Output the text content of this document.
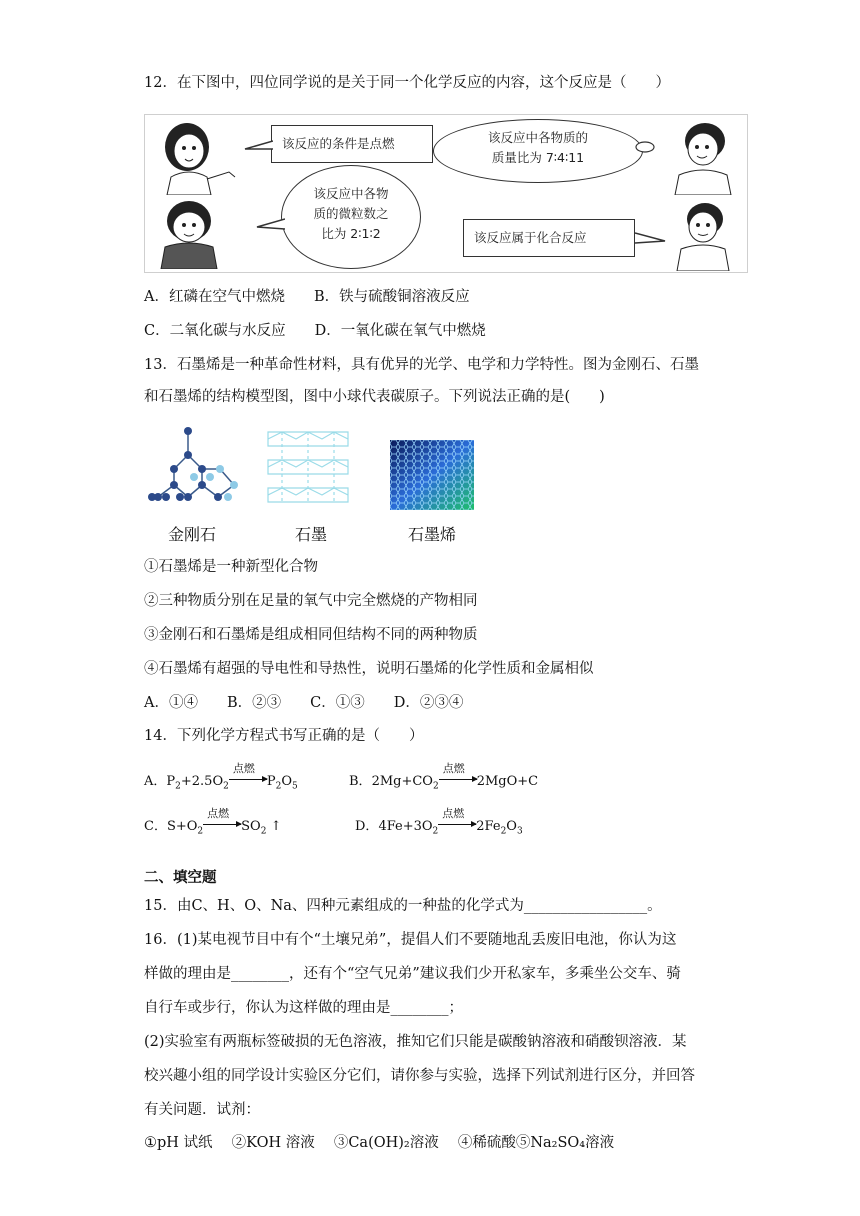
12．在下图中，四位同学说的是关于同一个化学反应的内容，这个反应是（　　）
该反应的条件是点燃	该反应中各物质的
质量比为 7∶4∶11
该反应中各物
质的微粒数之
比为 2∶1∶2	该反应属于化合反应
A．红磷在空气中燃烧　　B．铁与硫酸铜溶液反应
C．二氧化碳与水反应　　D．一氧化碳在氧气中燃烧
13．石墨烯是一种革命性材料，具有优异的光学、电学和力学特性。图为金刚石、石墨
和石墨烯的结构模型图，图中小球代表碳原子。下列说法正确的是(　　)
金刚石	石墨	石墨烯
①石墨烯是一种新型化合物
②三种物质分别在足量的氧气中完全燃烧的产物相同
③金刚石和石墨烯是组成相同但结构不同的两种物质
④石墨烯有超强的导电性和导热性，说明石墨烯的化学性质和金属相似
A．①④　　B．②③　　C．①③　　D．②③④
14．下列化学方程式书写正确的是（　　）
A．$P_2+2.5O_2$
点燃
$P_2O_5$	B．$2Mg+CO_2$
点燃
2MgO+C
C．$S+O_2$
点燃
$SO_2$ ↑	D．$4Fe+3O_2$
点燃
$2Fe_2O_3$
二、填空题
15．由C、H、O、Na、四种元素组成的一种盐的化学式为_________________。
16．(1)某电视节目中有个“土壤兄弟”，提倡人们不要随地乱丢废旧电池，你认为这
样做的理由是________，还有个“空气兄弟”建议我们少开私家车，多乘坐公交车、骑
自行车或步行，你认为这样做的理由是________；
(2)实验室有两瓶标签破损的无色溶液，推知它们只能是碳酸钠溶液和硝酸钡溶液．某
校兴趣小组的同学设计实验区分它们，请你参与实验，选择下列试剂进行区分，并回答
有关问题．试剂：
①pH 试纸　 ②KOH 溶液　 ③Ca(OH)₂溶液　 ④稀硫酸⑤Na₂SO₄溶液
